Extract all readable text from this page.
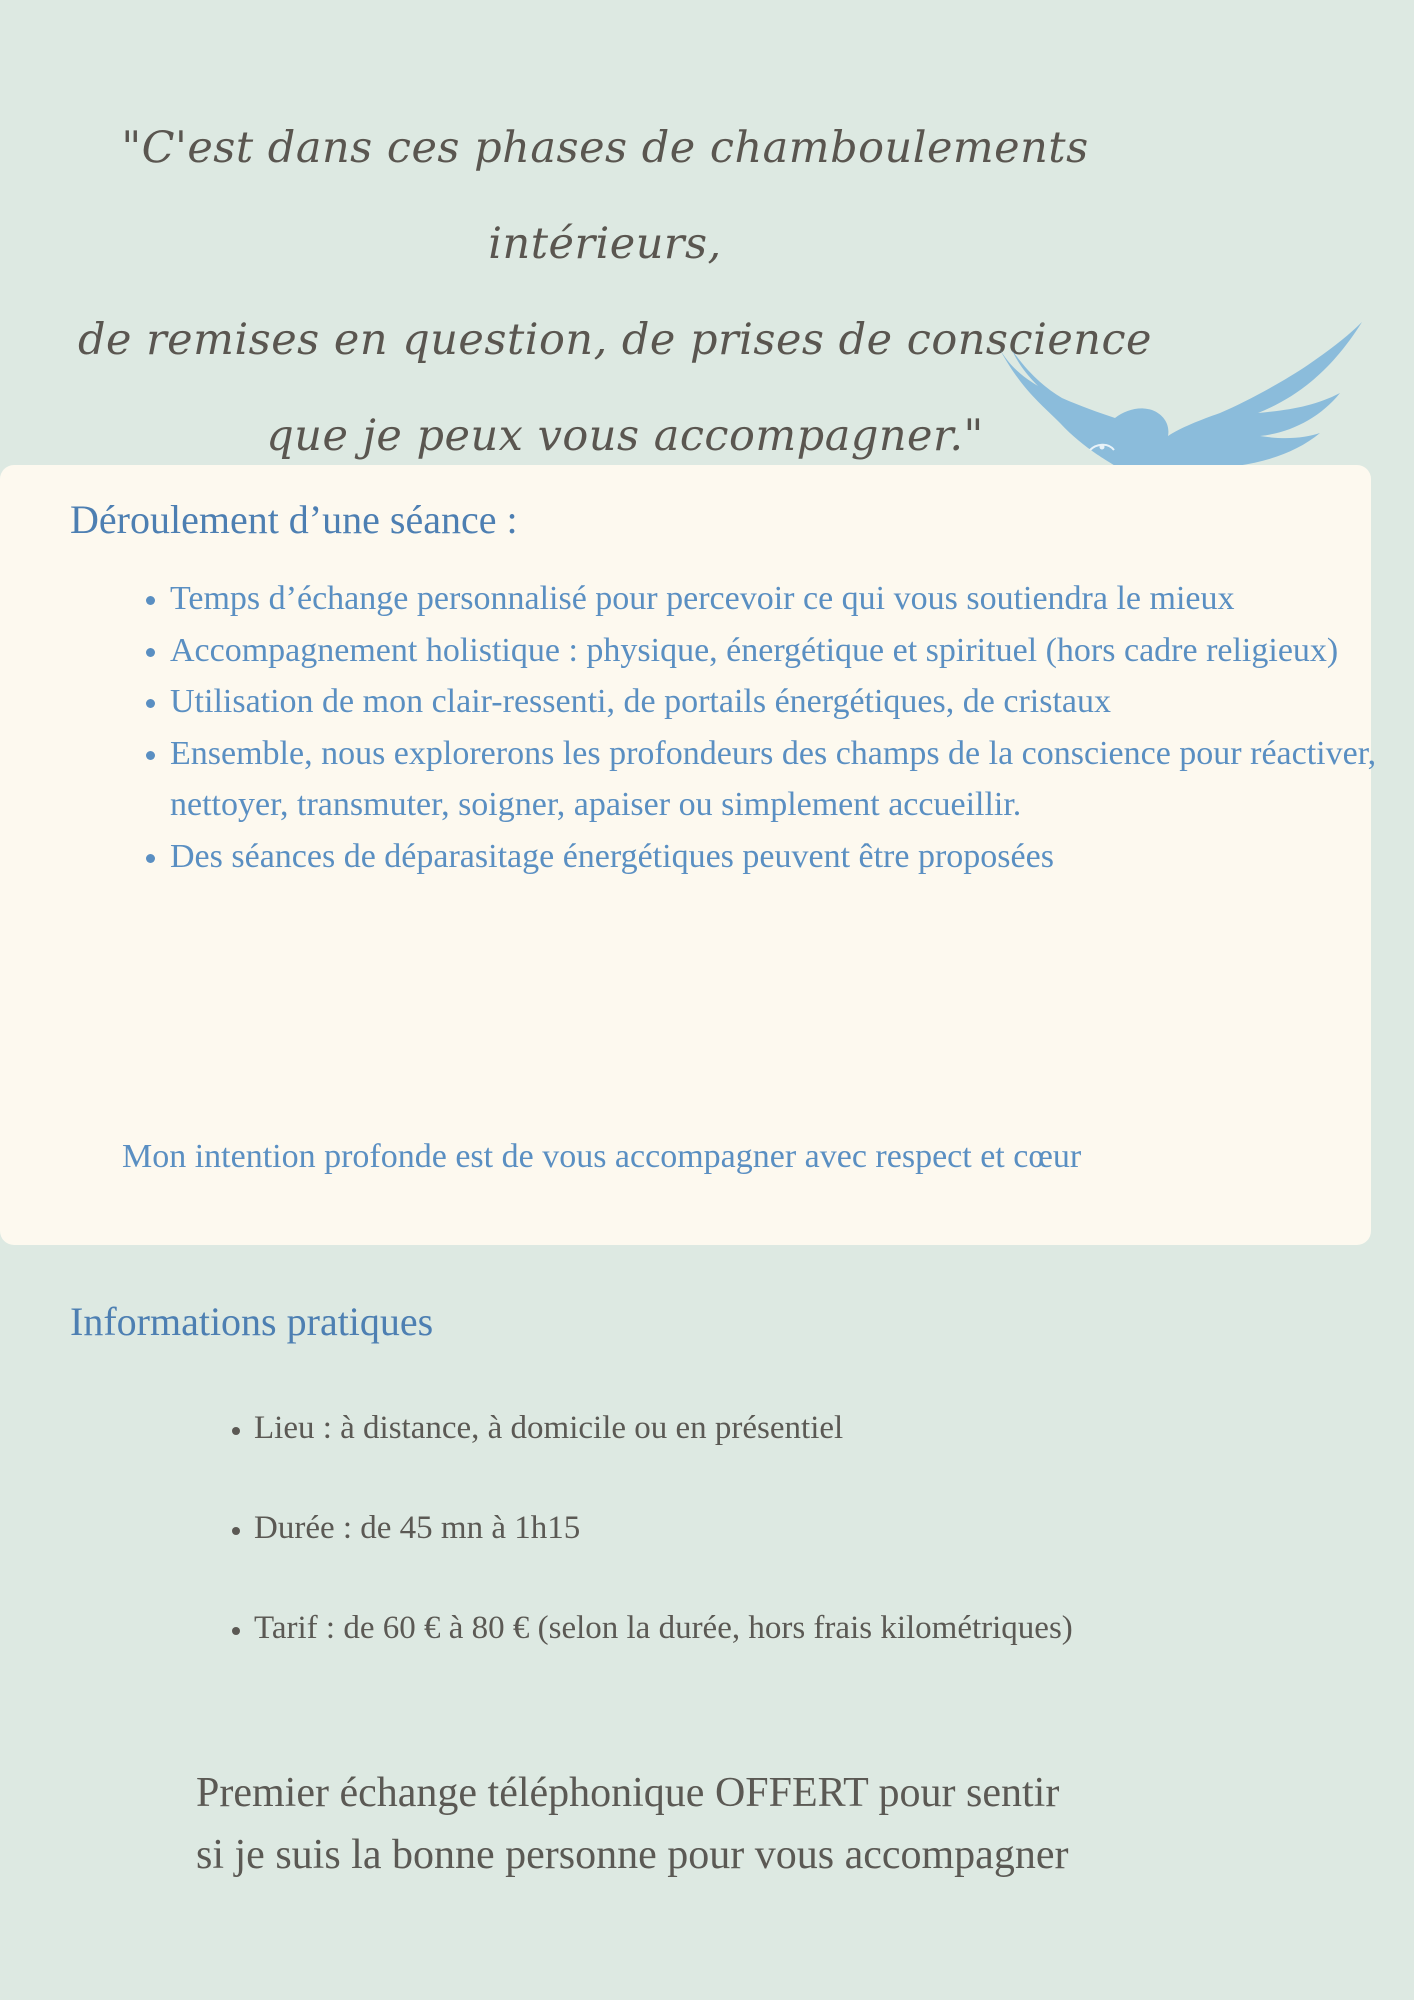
"C'est dans ces phases de chamboulements intérieurs,
de remises en question, de prises de conscience
que je peux vous accompagner."
Déroulement d’une séance :
• Temps d’échange personnalisé pour percevoir ce qui vous soutiendra le mieux
• Accompagnement holistique : physique, énergétique et spirituel (hors cadre religieux)
• Utilisation de mon clair-ressenti, de portails énergétiques, de cristaux
• Ensemble, nous explorerons les profondeurs des champs de la conscience pour réactiver, nettoyer, transmuter, soigner, apaiser ou simplement accueillir.
• Des séances de déparasitage énergétiques peuvent être proposées

Mon intention profonde est de vous accompagner avec respect et cœur

Informations pratiques
• Lieu : à distance, à domicile ou en présentiel
• Durée : de 45 mn à 1h15
• Tarif : de 60 € à 80 € (selon la durée, hors frais kilométriques)

Premier échange téléphonique OFFERT pour sentir
si je suis la bonne personne pour vous accompagner
